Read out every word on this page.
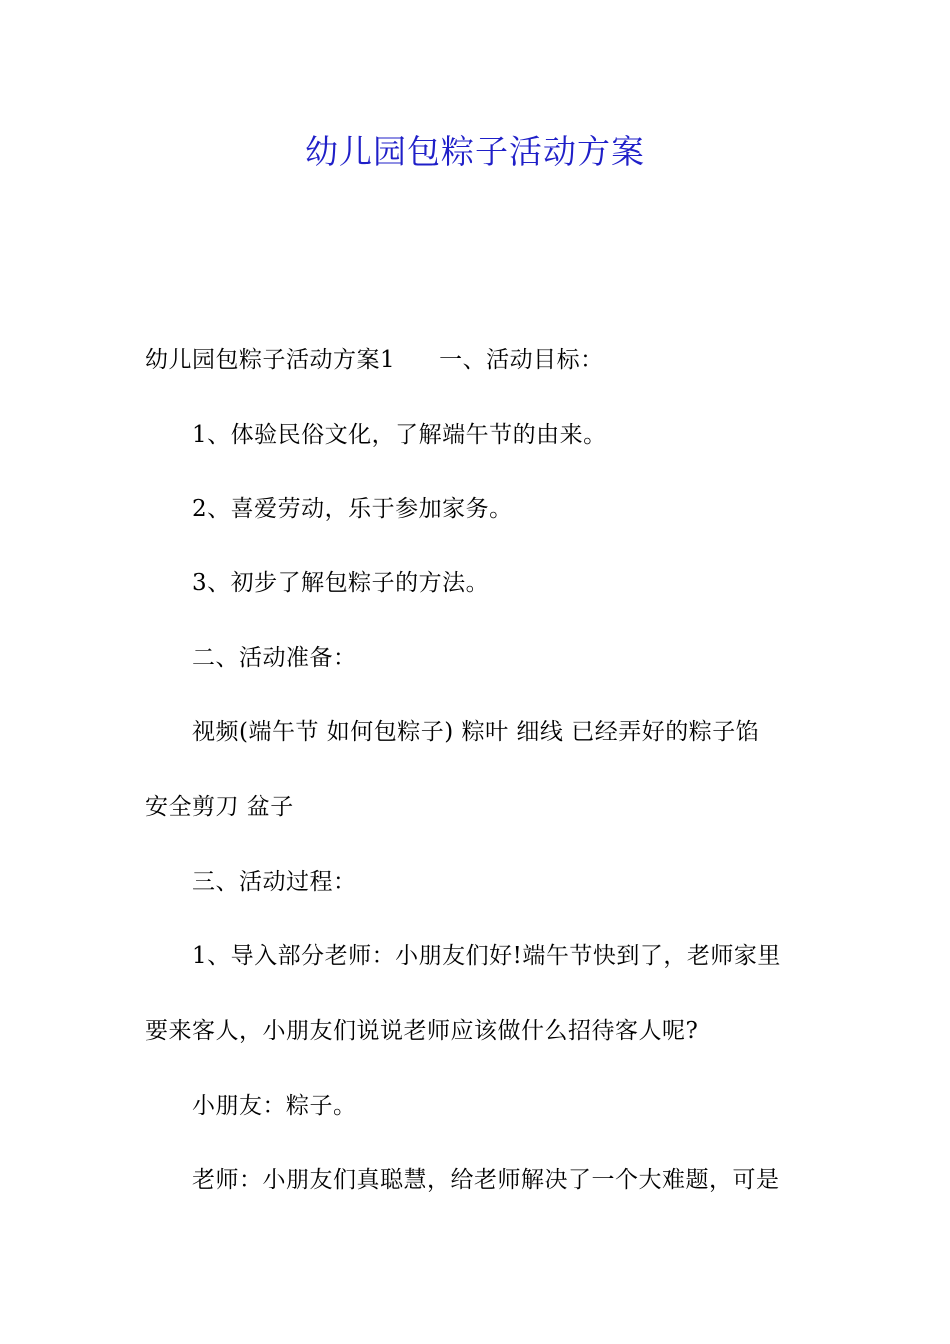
幼儿园包粽子活动方案

幼儿园包粽子活动方案1 一、活动目标：

1、体验民俗文化，了解端午节的由来。

2、喜爱劳动，乐于参加家务。

3、初步了解包粽子的方法。

二、活动准备：

视频(端午节 如何包粽子) 粽叶 细线 已经弄好的粽子馅

安全剪刀 盆子

三、活动过程：

1、导入部分老师：小朋友们好!端午节快到了，老师家里

要来客人，小朋友们说说老师应该做什么招待客人呢?

小朋友：粽子。

老师：小朋友们真聪慧，给老师解决了一个大难题，可是
